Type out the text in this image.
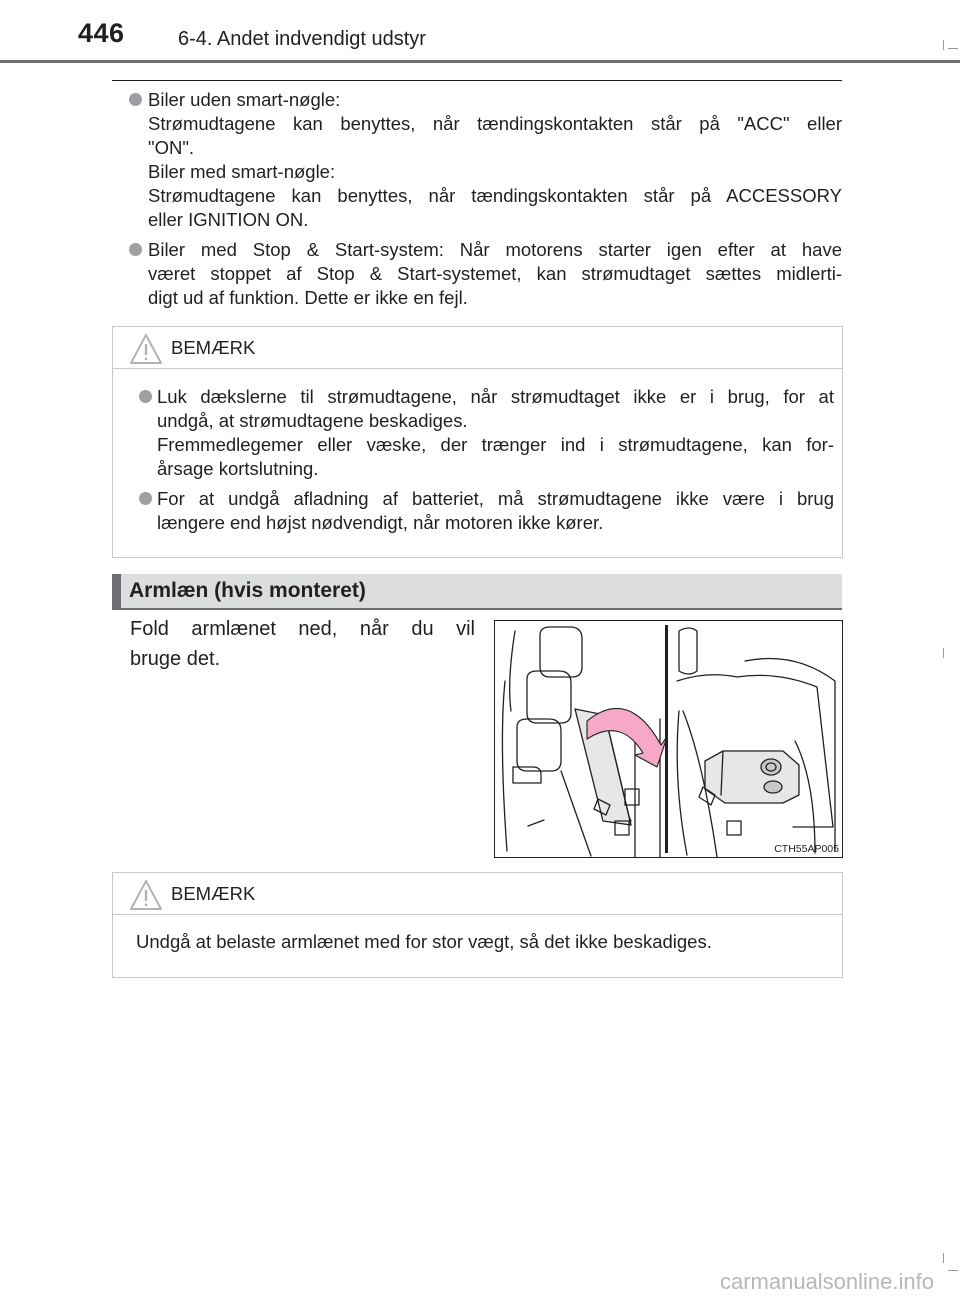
446	6-4. Andet indvendigt udstyr
Biler uden smart-nøgle:
Strømudtagene kan benyttes, når tændingskontakten står på "ACC" eller
"ON".
Biler med smart-nøgle:
Strømudtagene kan benyttes, når tændingskontakten står på ACCESSORY
eller IGNITION ON.
Biler med Stop & Start-system: Når motorens starter igen efter at have
været stoppet af Stop & Start-systemet, kan strømudtaget sættes midlerti-
digt ud af funktion. Dette er ikke en fejl.
BEMÆRK
Luk dækslerne til strømudtagene, når strømudtaget ikke er i brug, for at
undgå, at strømudtagene beskadiges.
Fremmedlegemer eller væske, der trænger ind i strømudtagene, kan for-
årsage kortslutning.
For at undgå afladning af batteriet, må strømudtagene ikke være i brug
længere end højst nødvendigt, når motoren ikke kører.
Armlæn (hvis monteret)
Fold armlænet ned, når du vil
bruge det.
CTH55AP005
BEMÆRK
Undgå at belaste armlænet med for stor vægt, så det ikke beskadiges.
carmanualsonline.info
